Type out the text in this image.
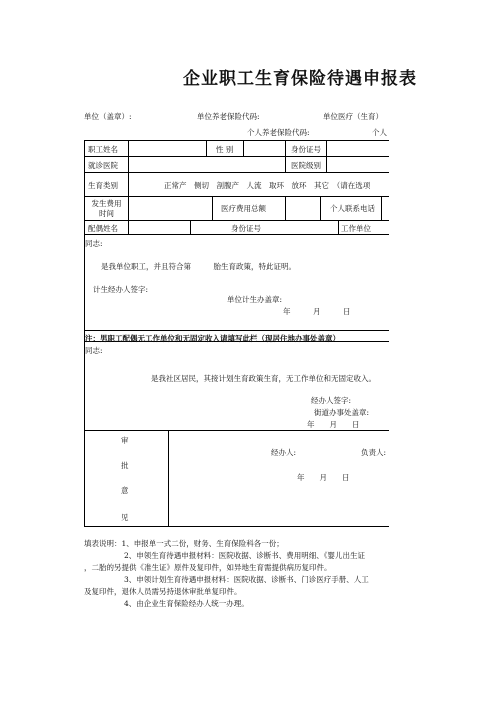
企业职工生育保险待遇申报表
单位（盖章）:	单位养老保险代码:	单位医疗（生育）
个人养老保险代码:	个人
职工姓名	性 别	身份证号
就诊医院	医院级别
生育类别	正常产　侧切　剖腹产　人流　取环　放环　其它　（请在选项
发生费用
时间
医疗费用总额	个人联系电话
配偶姓名	身份证号	工作单位
同志:
是我单位职工，并且符合第　　　胎生育政策，特此证明。
计生经办人签字:
单位计生办盖章:
年　　　月　　　日
注：男职工配偶无工作单位和无固定收入请填写此栏（现居住地办事处盖章）
同志:
是我社区居民，其接计划生育政策生育，无工作单位和无固定收入。
经办人签字:
街道办事处盖章:
年　　月　　日
审
批
意
见
经办人:	负责人:
年　　月　　日
填表说明：1、申报单一式二份，财务、生育保险科各一份；
2、申领生育待遇申报材料：医院收据、诊断书、费用明细、《婴儿出生证
，二胎的另提供《准生证》原件及复印件，如异地生育需提供病历复印件。
3、申领计划生育待遇申报材料：医院收据、诊断书、门诊医疗手册、人工
及复印件，退休人员需另持退休审批单复印件。
4、由企业生育保险经办人统一办理。
